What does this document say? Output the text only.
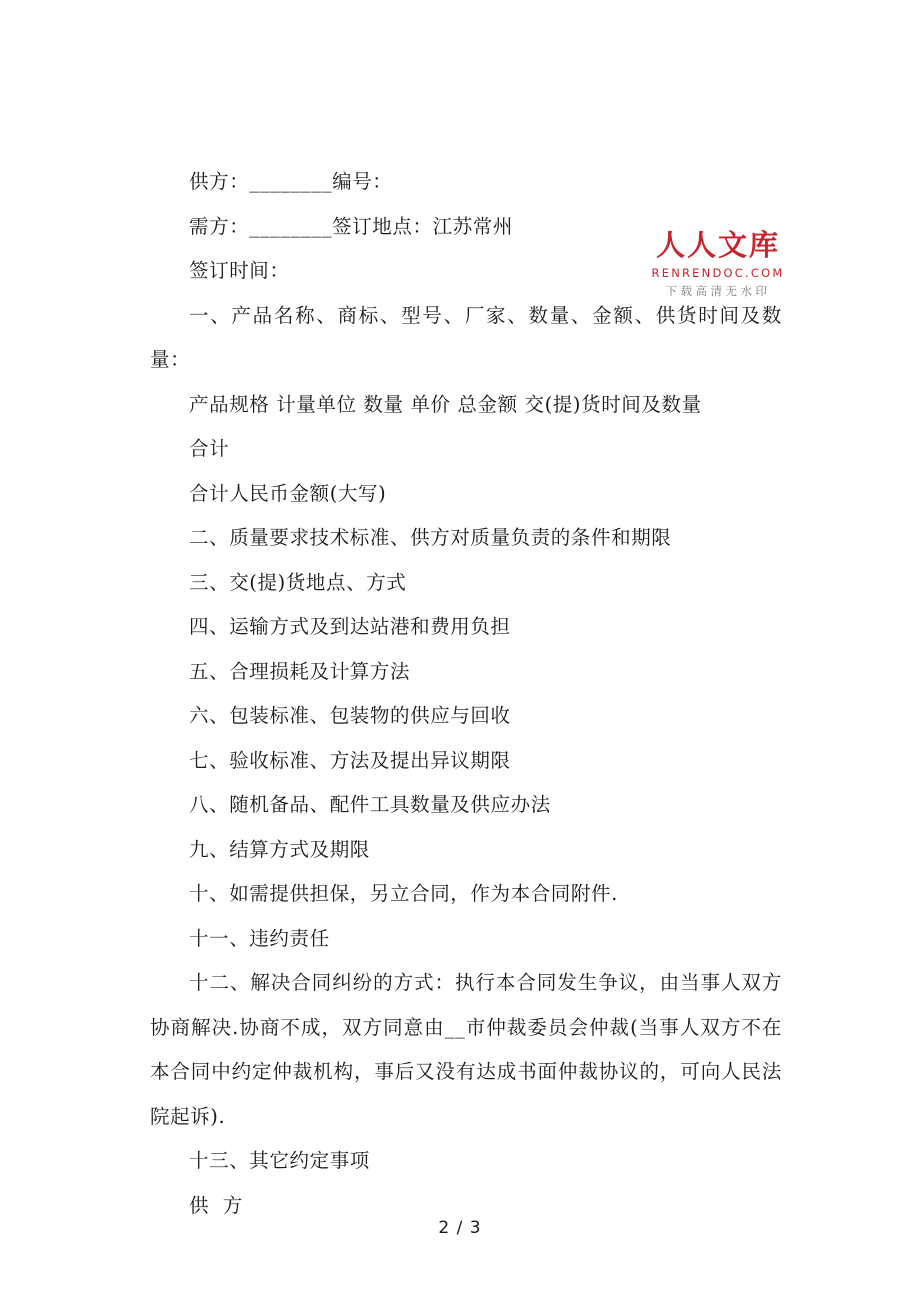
供方：________编号：
需方：________签订地点：江苏常州
签订时间：
一、产品名称、商标、型号、厂家、数量、金额、供货时间及数量：
产品规格 计量单位 数量 单价 总金额 交(提)货时间及数量
合计
合计人民币金额(大写)
二、质量要求技术标准、供方对质量负责的条件和期限
三、交(提)货地点、方式
四、运输方式及到达站港和费用负担
五、合理损耗及计算方法
六、包装标准、包装物的供应与回收
七、验收标准、方法及提出异议期限
八、随机备品、配件工具数量及供应办法
九、结算方式及期限
十、如需提供担保，另立合同，作为本合同附件.
十一、违约责任
十二、解决合同纠纷的方式：执行本合同发生争议，由当事人双方协商解决.协商不成，双方同意由__市仲裁委员会仲裁(当事人双方不在本合同中约定仲裁机构，事后又没有达成书面仲裁协议的，可向人民法院起诉).
十三、其它约定事项
供  方
人人文库
RENRENDOC.COM
下载高清无水印
2 / 3
